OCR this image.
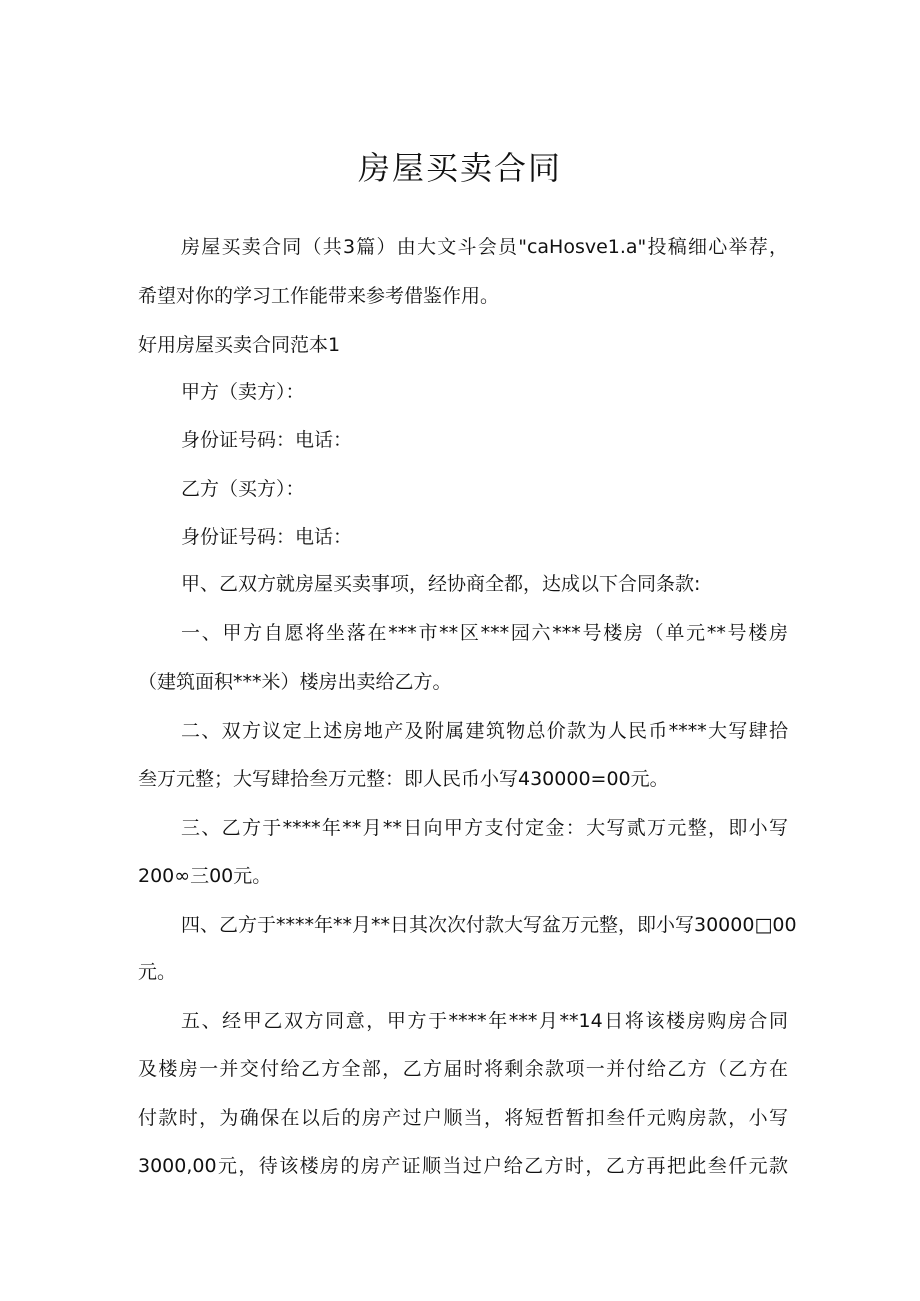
房屋买卖合同
房屋买卖合同（共3篇）由大文斗会员"caHosve1.a"投稿细心举荐，
希望对你的学习工作能带来参考借鉴作用。
好用房屋买卖合同范本1
甲方（卖方）：
身份证号码：电话：
乙方（买方）：
身份证号码：电话：
甲、乙双方就房屋买卖事项，经协商全都，达成以下合同条款:
一、甲方自愿将坐落在***市**区***园六***号楼房（单元**号楼房
（建筑面积***米）楼房出卖给乙方。
二、双方议定上述房地产及附属建筑物总价款为人民币****大写肆拾
叁万元整；大写肆拾叁万元整：即人民币小写430000=00元。
三、乙方于****年**月**日向甲方支付定金：大写贰万元整，即小写
200∞三00元。
四、乙方于****年**月**日其次次付款大写盆万元整，即小写30000□00
元。
五、经甲乙双方同意，甲方于****年***月**14日将该楼房购房合同
及楼房一并交付给乙方全部，乙方届时将剩余款项一并付给乙方（乙方在
付款时，为确保在以后的房产过户顺当，将短哲暂扣叁仟元购房款，小写
3000,00元，待该楼房的房产证顺当过户给乙方时，乙方再把此叁仟元款
